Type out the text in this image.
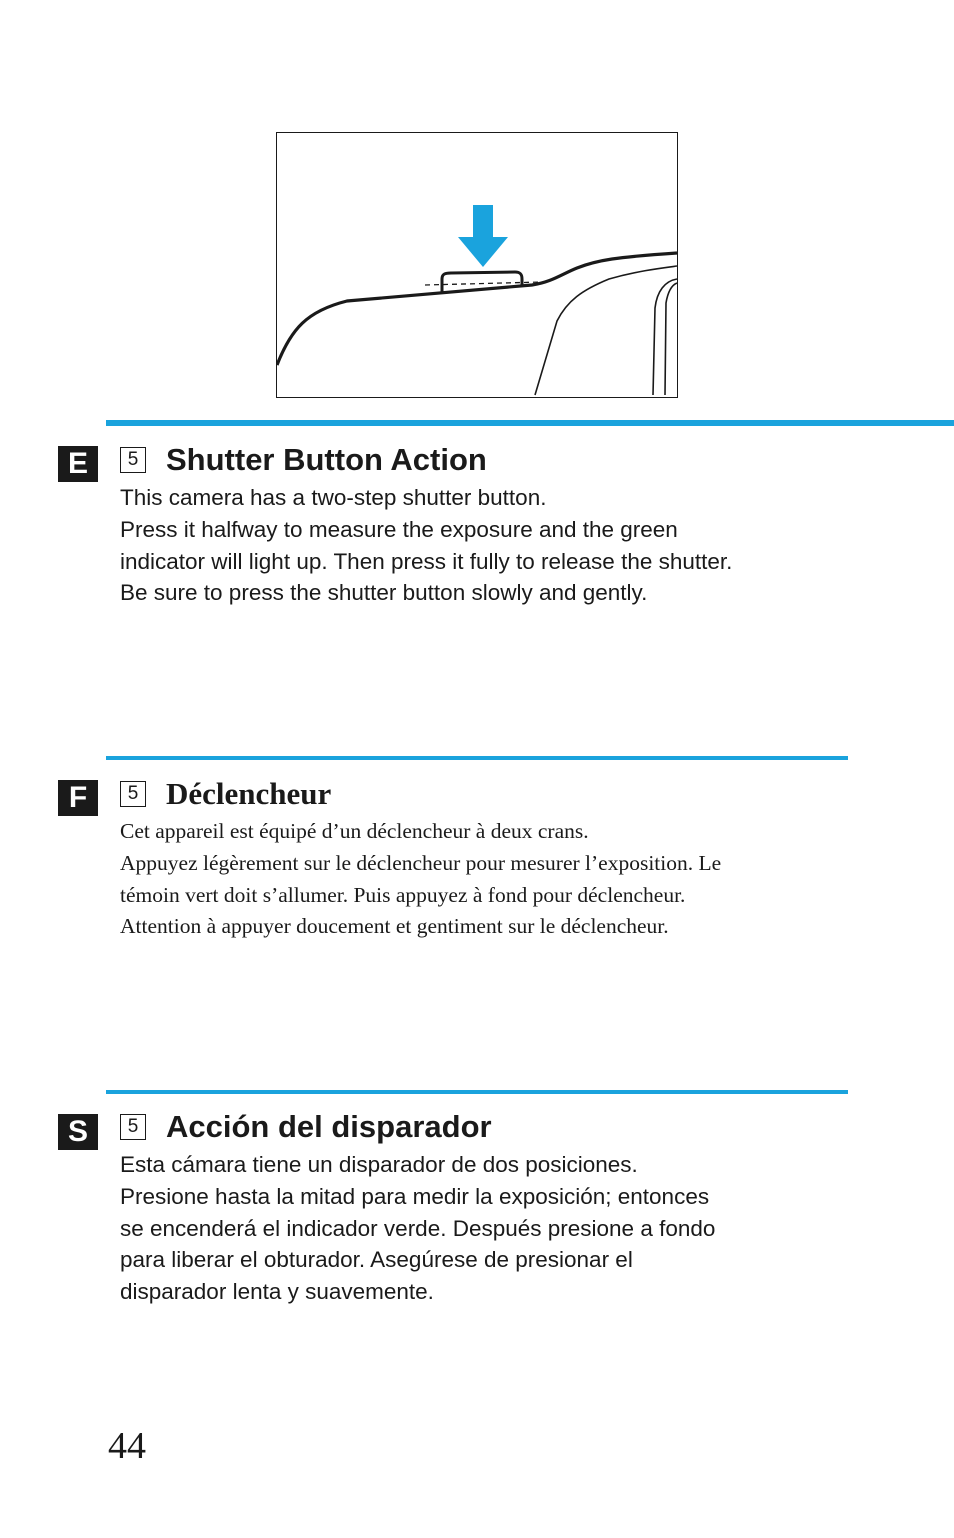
E	5 Shutter Button Action

This camera has a two-step shutter button.

Press it halfway to measure the exposure and the green

indicator will light up. Then press it fully to release the shutter.

Be sure to press the shutter button slowly and gently.

F	5 Déclencheur

Cet appareil est équipé d’un déclencheur à deux crans.

Appuyez légèrement sur le déclencheur pour mesurer l’exposition. Le

témoin vert doit s’allumer. Puis appuyez à fond pour déclencheur.

Attention à appuyer doucement et gentiment sur le déclencheur.

S	5 Acción del disparador

Esta cámara tiene un disparador de dos posiciones.

Presione hasta la mitad para medir la exposición; entonces

se encenderá el indicador verde. Después presione a fondo

para liberar el obturador. Asegúrese de presionar el

disparador lenta y suavemente.

44
